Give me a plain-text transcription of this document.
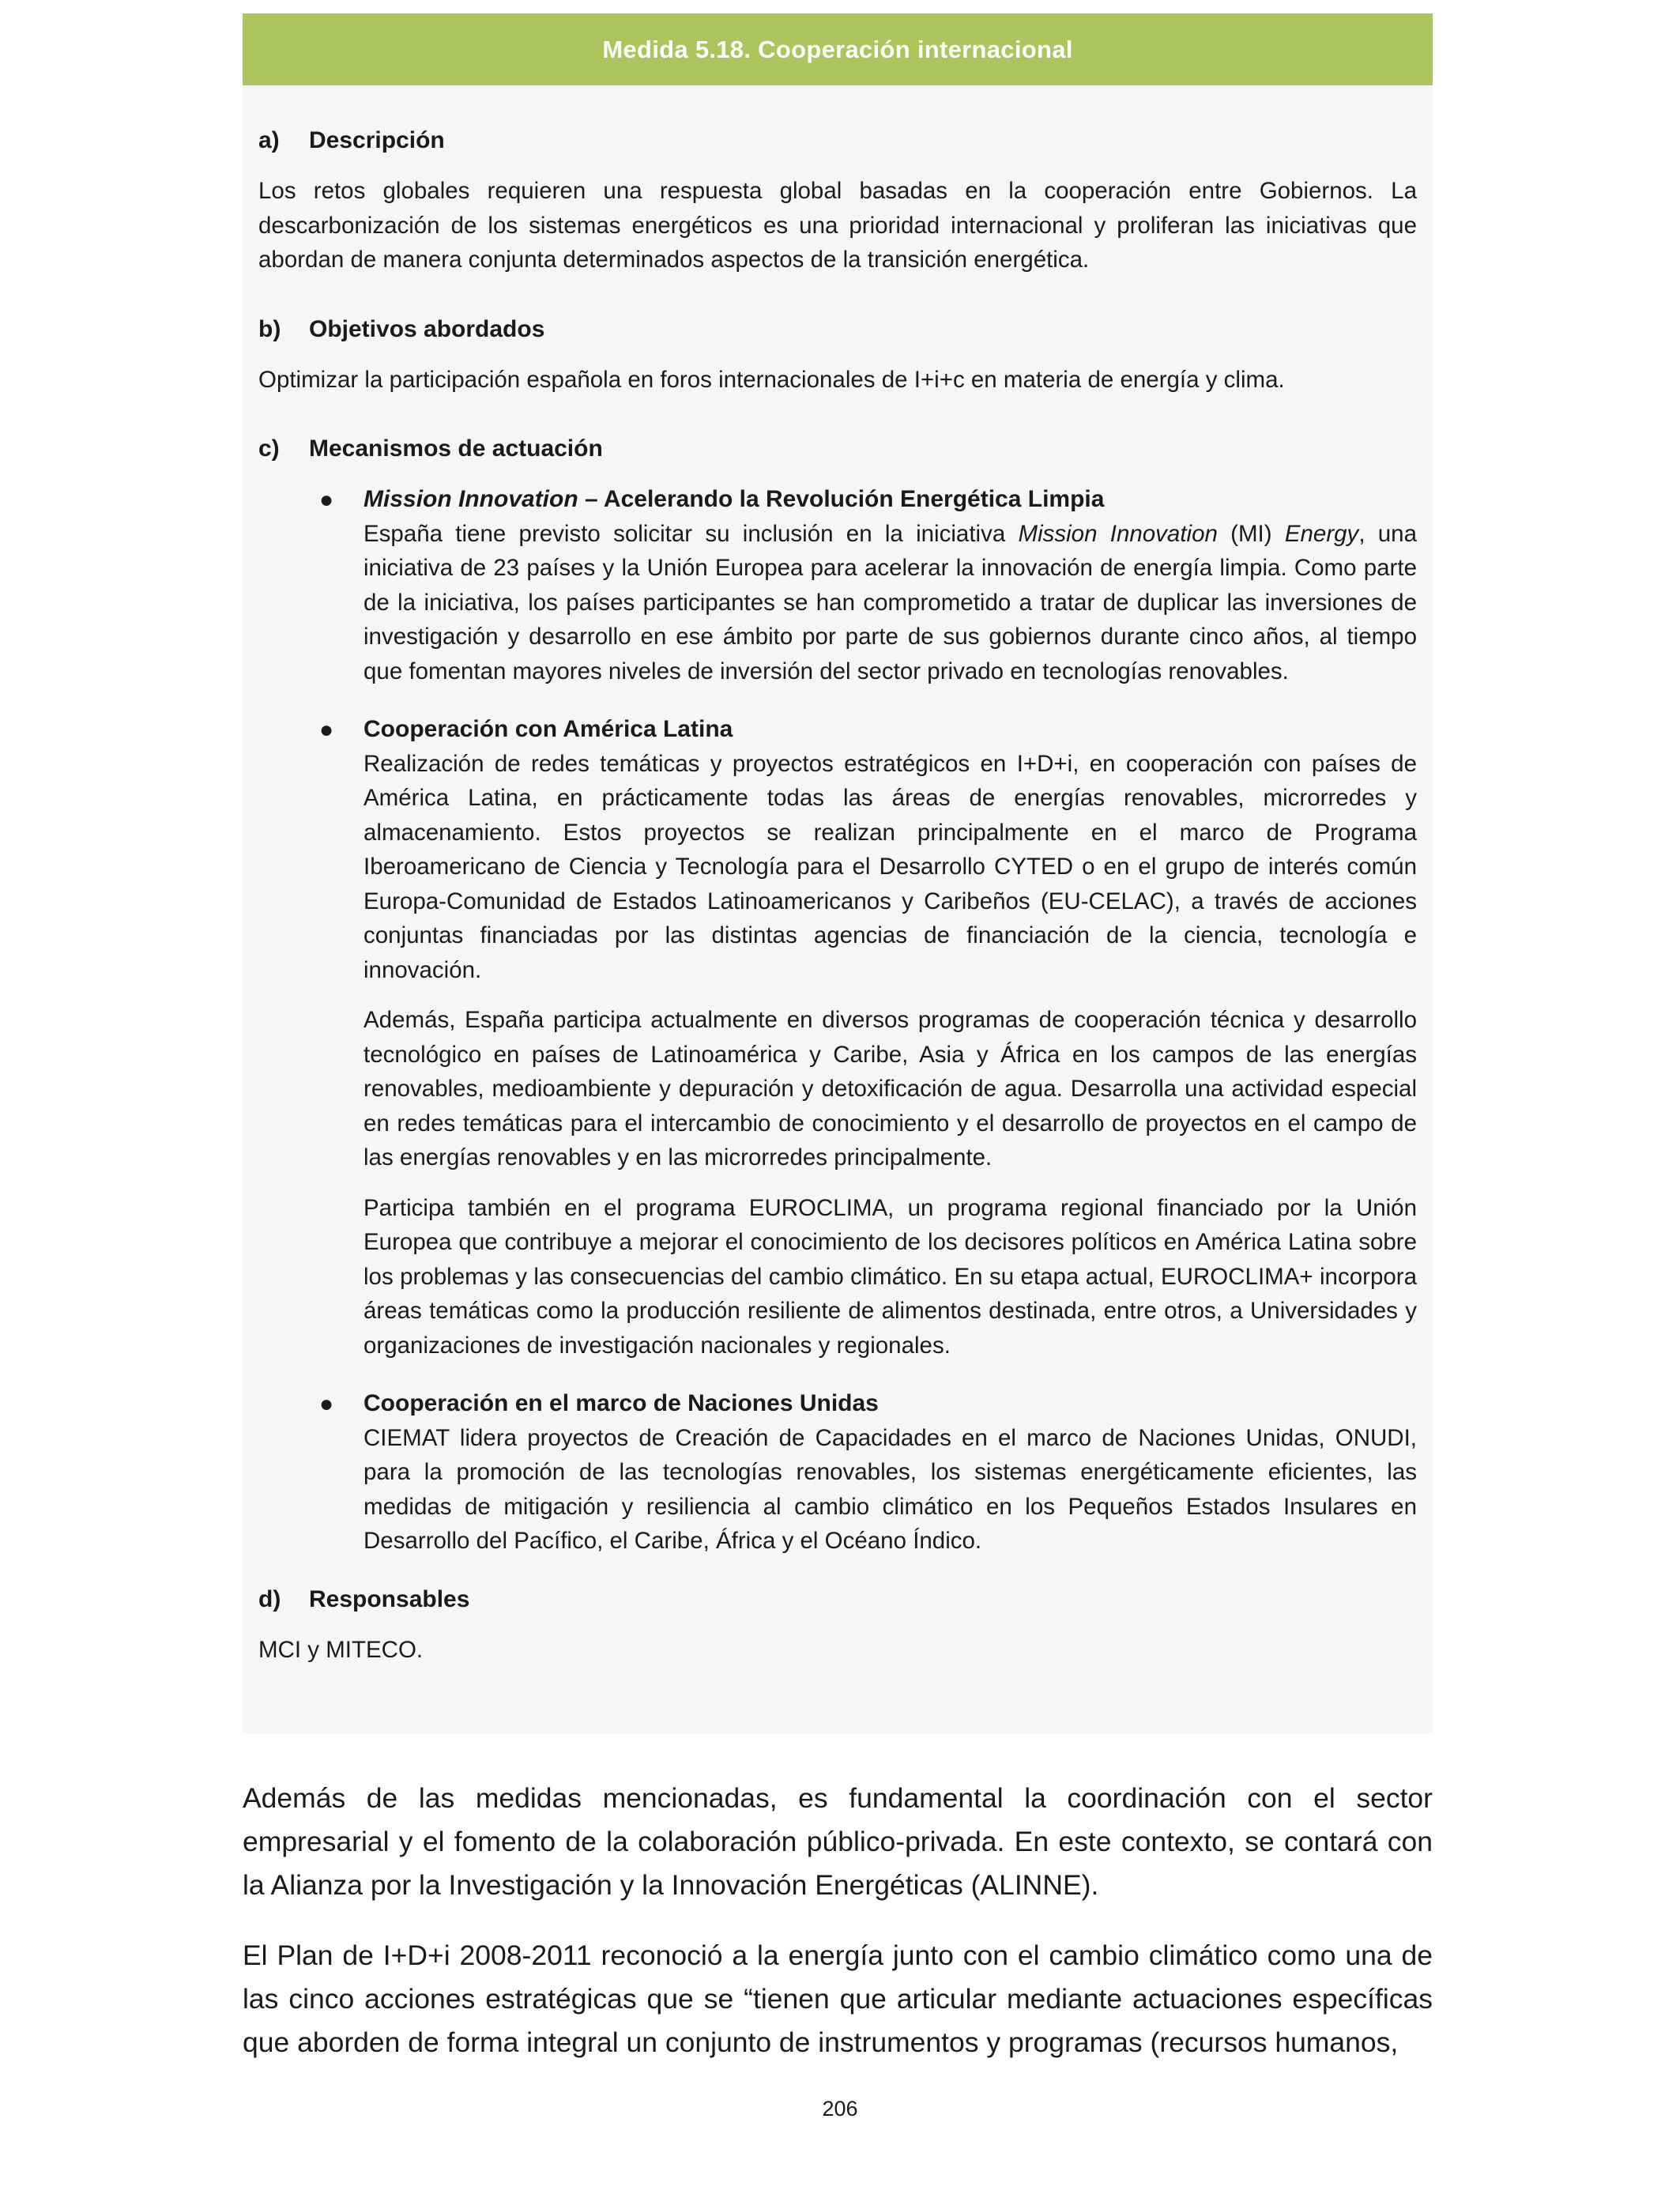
Medida 5.18. Cooperación internacional
a)	Descripción

Los retos globales requieren una respuesta global basadas en la cooperación entre Gobiernos. La descarbonización de los sistemas energéticos es una prioridad internacional y proliferan las iniciativas que abordan de manera conjunta determinados aspectos de la transición energética.

b)	Objetivos abordados

Optimizar la participación española en foros internacionales de I+i+c en materia de energía y clima.

c)	Mecanismos de actuación
● Mission Innovation – Acelerando la Revolución Energética Limpia

España tiene previsto solicitar su inclusión en la iniciativa Mission Innovation (MI) Energy, una iniciativa de 23 países y la Unión Europea para acelerar la innovación de energía limpia. Como parte de la iniciativa, los países participantes se han comprometido a tratar de duplicar las inversiones de investigación y desarrollo en ese ámbito por parte de sus gobiernos durante cinco años, al tiempo que fomentan mayores niveles de inversión del sector privado en tecnologías renovables.

● Cooperación con América Latina

Realización de redes temáticas y proyectos estratégicos en I+D+i, en cooperación con países de América Latina, en prácticamente todas las áreas de energías renovables, microrredes y almacenamiento. Estos proyectos se realizan principalmente en el marco de Programa Iberoamericano de Ciencia y Tecnología para el Desarrollo CYTED o en el grupo de interés común Europa-Comunidad de Estados Latinoamericanos y Caribeños (EU-CELAC), a través de acciones conjuntas financiadas por las distintas agencias de financiación de la ciencia, tecnología e innovación.

Además, España participa actualmente en diversos programas de cooperación técnica y desarrollo tecnológico en países de Latinoamérica y Caribe, Asia y África en los campos de las energías renovables, medioambiente y depuración y detoxificación de agua. Desarrolla una actividad especial en redes temáticas para el intercambio de conocimiento y el desarrollo de proyectos en el campo de las energías renovables y en las microrredes principalmente.

Participa también en el programa EUROCLIMA, un programa regional financiado por la Unión Europea que contribuye a mejorar el conocimiento de los decisores políticos en América Latina sobre los problemas y las consecuencias del cambio climático. En su etapa actual, EUROCLIMA+ incorpora áreas temáticas como la producción resiliente de alimentos destinada, entre otros, a Universidades y organizaciones de investigación nacionales y regionales.

● Cooperación en el marco de Naciones Unidas

CIEMAT lidera proyectos de Creación de Capacidades en el marco de Naciones Unidas, ONUDI, para la promoción de las tecnologías renovables, los sistemas energéticamente eficientes, las medidas de mitigación y resiliencia al cambio climático en los Pequeños Estados Insulares en Desarrollo del Pacífico, el Caribe, África y el Océano Índico.

d)	Responsables

MCI y MITECO.

Además de las medidas mencionadas, es fundamental la coordinación con el sector empresarial y el fomento de la colaboración público-privada. En este contexto, se contará con la Alianza por la Investigación y la Innovación Energéticas (ALINNE).

El Plan de I+D+i 2008-2011 reconoció a la energía junto con el cambio climático como una de las cinco acciones estratégicas que se “tienen que articular mediante actuaciones específicas que aborden de forma integral un conjunto de instrumentos y programas (recursos humanos,

206
